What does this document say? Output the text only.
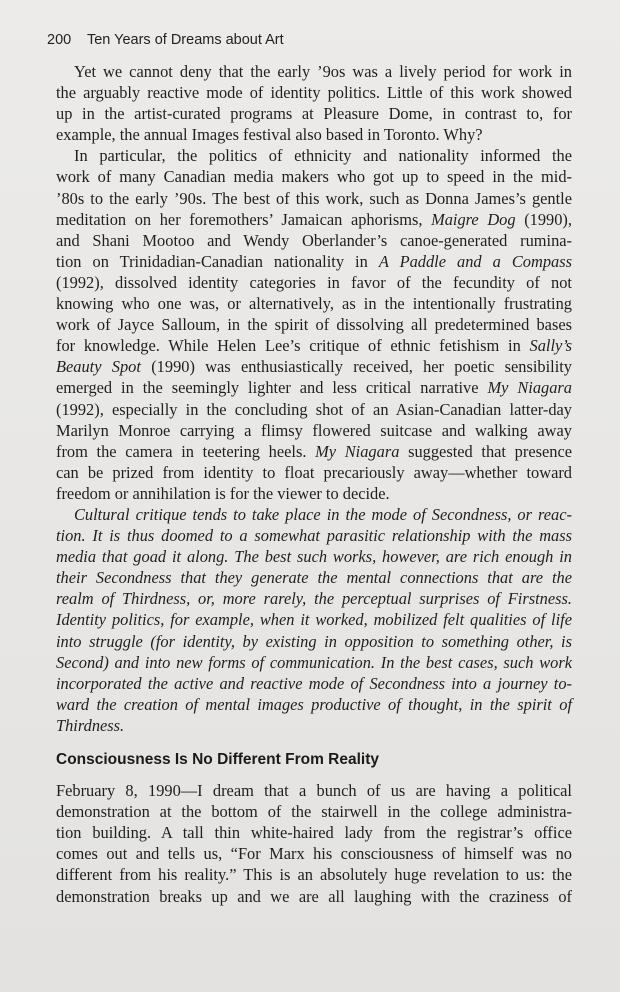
200 Ten Years of Dreams about Art
Yet we cannot deny that the early ’9os was a lively period for work in
the arguably reactive mode of identity politics. Little of this work showed
up in the artist-curated programs at Pleasure Dome, in contrast to, for
example, the annual Images festival also based in Toronto. Why?
In particular, the politics of ethnicity and nationality informed the
work of many Canadian media makers who got up to speed in the mid-
’80s to the early ’90s. The best of this work, such as Donna James’s gentle
meditation on her foremothers’ Jamaican aphorisms, Maigre Dog (1990),
and Shani Mootoo and Wendy Oberlander’s canoe-generated rumina-
tion on Trinidadian-Canadian nationality in A Paddle and a Compass
(1992), dissolved identity categories in favor of the fecundity of not
knowing who one was, or alternatively, as in the intentionally frustrating
work of Jayce Salloum, in the spirit of dissolving all predetermined bases
for knowledge. While Helen Lee’s critique of ethnic fetishism in Sally’s
Beauty Spot (1990) was enthusiastically received, her poetic sensibility
emerged in the seemingly lighter and less critical narrative My Niagara
(1992), especially in the concluding shot of an Asian-Canadian latter-day
Marilyn Monroe carrying a flimsy flowered suitcase and walking away
from the camera in teetering heels. My Niagara suggested that presence
can be prized from identity to float precariously away—whether toward
freedom or annihilation is for the viewer to decide.
Cultural critique tends to take place in the mode of Secondness, or reac-
tion. It is thus doomed to a somewhat parasitic relationship with the mass
media that goad it along. The best such works, however, are rich enough in
their Secondness that they generate the mental connections that are the
realm of Thirdness, or, more rarely, the perceptual surprises of Firstness.
Identity politics, for example, when it worked, mobilized felt qualities of life
into struggle (for identity, by existing in opposition to something other, is
Second) and into new forms of communication. In the best cases, such work
incorporated the active and reactive mode of Secondness into a journey to-
ward the creation of mental images productive of thought, in the spirit of
Thirdness.
Consciousness Is No Different From Reality
February 8, 1990—I dream that a bunch of us are having a political
demonstration at the bottom of the stairwell in the college administra-
tion building. A tall thin white-haired lady from the registrar’s office
comes out and tells us, “For Marx his consciousness of himself was no
different from his reality.” This is an absolutely huge revelation to us: the
demonstration breaks up and we are all laughing with the craziness of
